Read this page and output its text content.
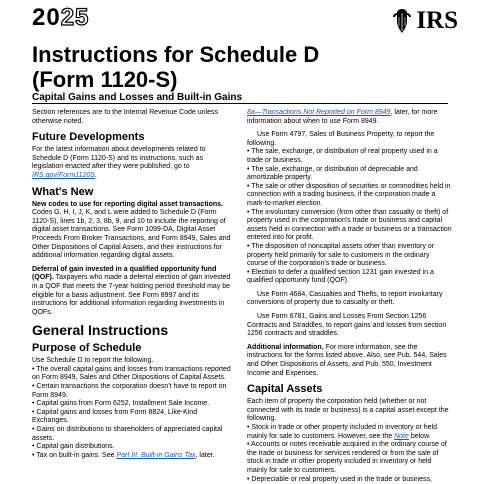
2025	IRS
Instructions for Schedule D
(Form 1120-S)
Capital Gains and Losses and Built-in Gains

Section references are to the Internal Revenue Code unless otherwise noted.

Future Developments

For the latest information about developments related to Schedule D (Form 1120-S) and its instructions, such as legislation enacted after they were published, go to IRS.gov/Form1120S.

What's New

New codes to use for reporting digital asset transactions. Codes G, H, I, J, K, and L were added to Schedule D (Form 1120-S), lines 1b, 2, 3, 8b, 9, and 10 to include the reporting of digital asset transactions. See Form 1099-DA, Digital Asset Proceeds From Broker Transactions, and Form 8949, Sales and Other Dispositions of Capital Assets, and their instructions for additional information regarding digital assets.

Deferral of gain invested in a qualified opportunity fund (QOF). Taxpayers who made a deferral election of gain invested in a QOF that meets the 7-year holding period threshold may be eligible for a basis adjustment. See Form 8997 and its instructions for additional information regarding investments in QOFs.

General Instructions
Purpose of Schedule

Use Schedule D to report the following.

• The overall capital gains and losses from transactions reported on Form 8949, Sales and Other Dispositions of Capital Assets.

• Certain transactions the corporation doesn't have to report on Form 8949.

• Capital gains from Form 6252, Installment Sale Income.

• Capital gains and losses from Form 8824, Like-Kind Exchanges.

• Gains on distributions to shareholders of appreciated capital assets.

• Capital gain distributions.

• Tax on built-in gains. See Part III. Built-in Gains Tax, later.

8a—Transactions Not Reported on Form 8949, later, for more information about when to use Form 8949.

Use Form 4797, Sales of Business Property, to report the following.

• The sale, exchange, or distribution of real property used in a trade or business.

• The sale, exchange, or distribution of depreciable and amortizable property.

• The sale or other disposition of securities or commodities held in connection with a trading business, if the corporation made a mark-to-market election.

• The involuntary conversion (from other than casualty or theft) of property used in the corporation's trade or business and capital assets held in connection with a trade or business or a transaction entered into for profit.

• The disposition of noncapital assets other than inventory or property held primarily for sale to customers in the ordinary course of the corporation's trade or business.

• Election to defer a qualified section 1231 gain invested in a qualified opportunity fund (QOF).

Use Form 4684, Casualties and Thefts, to report involuntary conversions of property due to casualty or theft.

Use Form 6781, Gains and Losses From Section 1256 Contracts and Straddles, to report gains and losses from section 1256 contracts and straddles.

Additional information. For more information, see the instructions for the forms listed above. Also, see Pub. 544, Sales and Other Dispositions of Assets, and Pub. 550, Investment Income and Expenses.

Capital Assets

Each item of property the corporation held (whether or not connected with its trade or business) is a capital asset except the following.

• Stock in trade or other property included in inventory or held mainly for sale to customers. However, see the Note below.

• Accounts or notes receivable acquired in the ordinary course of the trade or business for services rendered or from the sale of stock in trade or other property included in inventory or held mainly for sale to customers.

• Depreciable or real property used in the trade or business,
